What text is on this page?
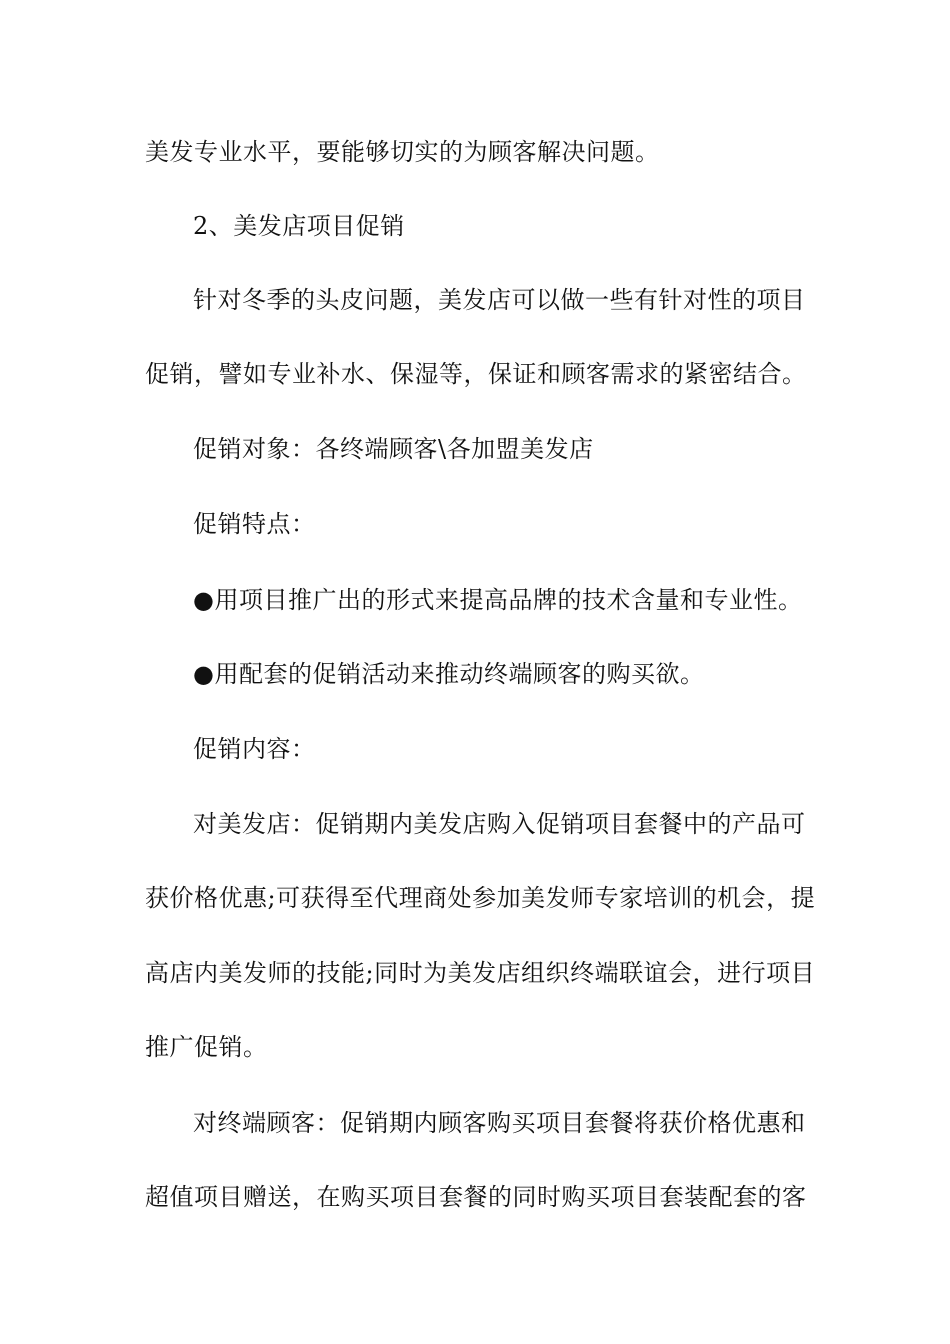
美发专业水平，要能够切实的为顾客解决问题。
2、美发店项目促销
针对冬季的头皮问题，美发店可以做一些有针对性的项目
促销，譬如专业补水、保湿等，保证和顾客需求的紧密结合。
促销对象：各终端顾客\各加盟美发店
促销特点：
●用项目推广出的形式来提高品牌的技术含量和专业性。
●用配套的促销活动来推动终端顾客的购买欲。
促销内容：
对美发店：促销期内美发店购入促销项目套餐中的产品可
获价格优惠;可获得至代理商处参加美发师专家培训的机会，提
高店内美发师的技能;同时为美发店组织终端联谊会，进行项目
推广促销。
对终端顾客：促销期内顾客购买项目套餐将获价格优惠和
超值项目赠送，在购买项目套餐的同时购买项目套装配套的客
